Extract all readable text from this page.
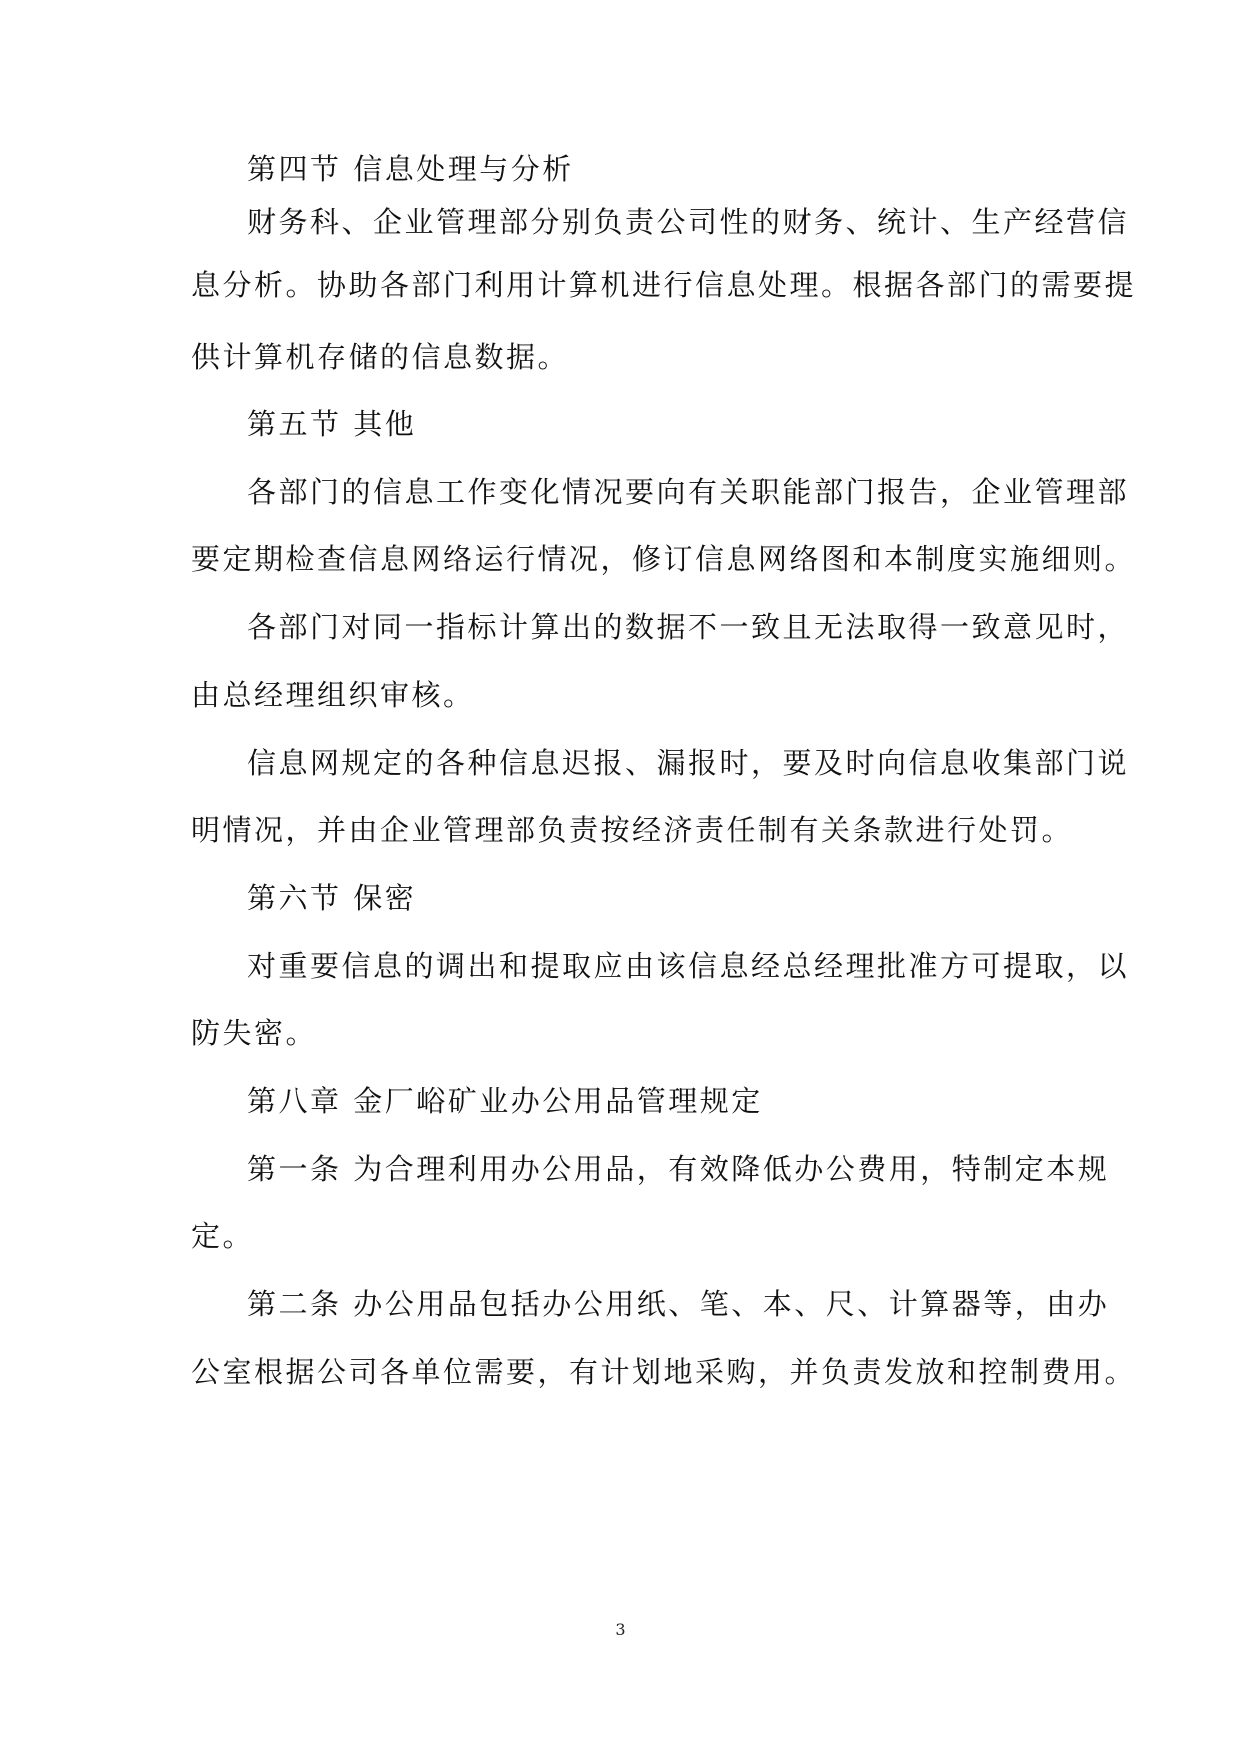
第四节 信息处理与分析
财务科、企业管理部分别负责公司性的财务、统计、生产经营信
息分析。协助各部门利用计算机进行信息处理。根据各部门的需要提
供计算机存储的信息数据。
第五节 其他
各部门的信息工作变化情况要向有关职能部门报告，企业管理部
要定期检查信息网络运行情况，修订信息网络图和本制度实施细则。
各部门对同一指标计算出的数据不一致且无法取得一致意见时，
由总经理组织审核。
信息网规定的各种信息迟报、漏报时，要及时向信息收集部门说
明情况，并由企业管理部负责按经济责任制有关条款进行处罚。
第六节 保密
对重要信息的调出和提取应由该信息经总经理批准方可提取，以
防失密。
第八章 金厂峪矿业办公用品管理规定
第一条 为合理利用办公用品，有效降低办公费用，特制定本规
定。
第二条 办公用品包括办公用纸、笔、本、尺、计算器等，由办
公室根据公司各单位需要，有计划地采购，并负责发放和控制费用。
3
